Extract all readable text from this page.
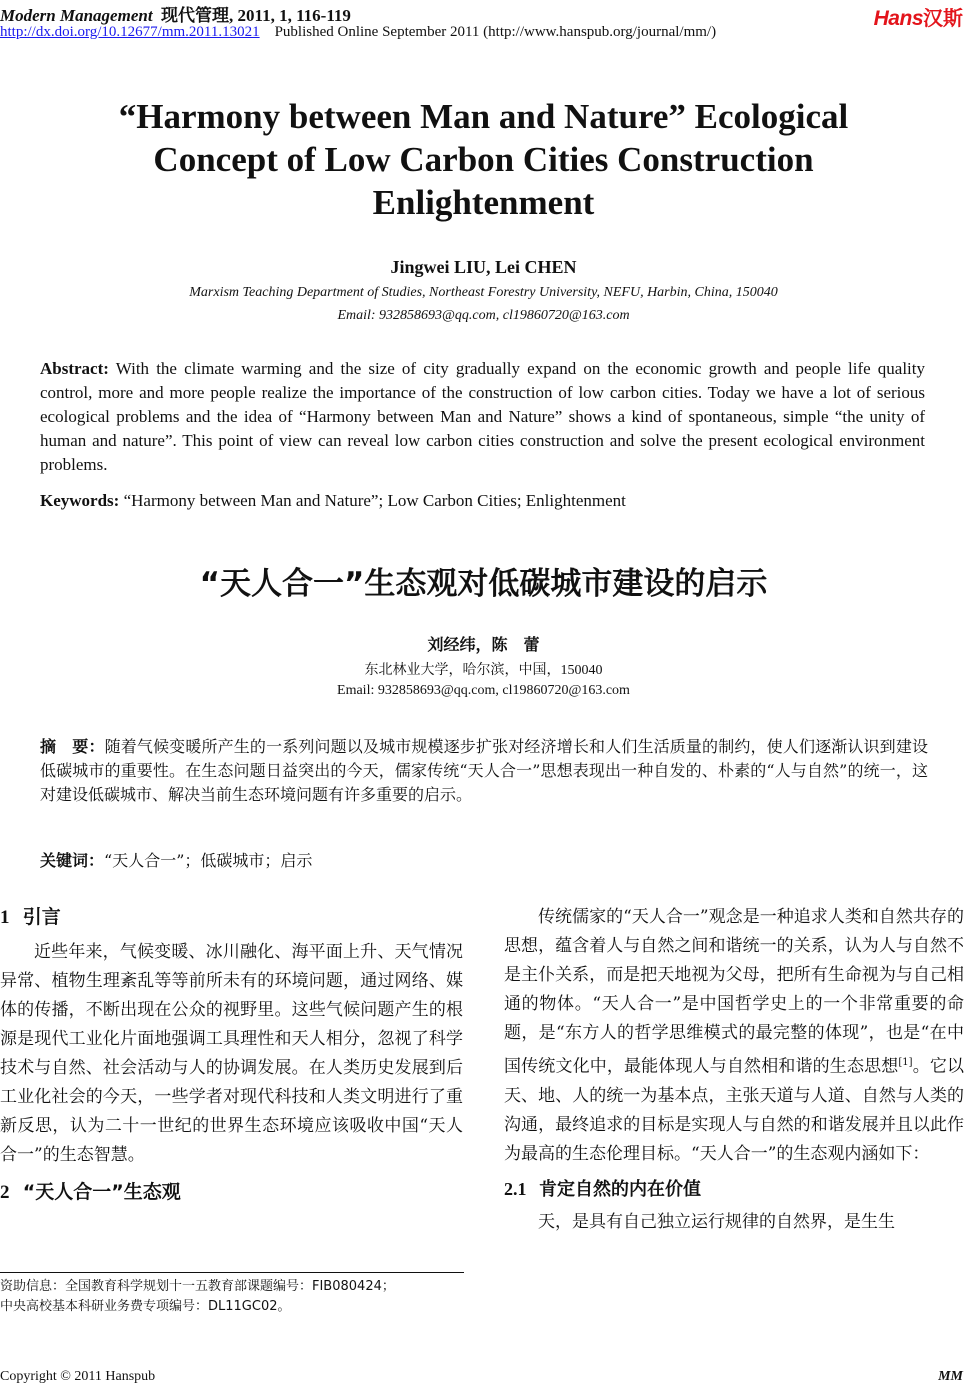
Modern Management 现代管理, 2011, 1, 116-119
http://dx.doi.org/10.12677/mm.2011.13021 Published Online September 2011 (http://www.hanspub.org/journal/mm/)
Hans汉斯
“Harmony between Man and Nature” Ecological Concept of Low Carbon Cities Construction Enlightenment
Jingwei LIU, Lei CHEN
Marxism Teaching Department of Studies, Northeast Forestry University, NEFU, Harbin, China, 150040
Email: 932858693@qq.com, cl19860720@163.com
Abstract: With the climate warming and the size of city gradually expand on the economic growth and people life quality control, more and more people realize the importance of the construction of low carbon cities. Today we have a lot of serious ecological problems and the idea of “Harmony between Man and Nature” shows a kind of spontaneous, simple “the unity of human and nature”. This point of view can reveal low carbon cities construction and solve the present ecological environment problems.
Keywords: “Harmony between Man and Nature”; Low Carbon Cities; Enlightenment
“天人合一”生态观对低碳城市建设的启示
刘经纬，陈　蕾
东北林业大学，哈尔滨，中国，150040
Email: 932858693@qq.com, cl19860720@163.com
摘　要：随着气候变暖所产生的一系列问题以及城市规模逐步扩张对经济增长和人们生活质量的制约，使人们逐渐认识到建设低碳城市的重要性。在生态问题日益突出的今天，儒家传统“天人合一”思想表现出一种自发的、朴素的“人与自然”的统一，这对建设低碳城市、解决当前生态环境问题有许多重要的启示。
关键词：“天人合一”；低碳城市；启示
1 引言
近些年来，气候变暖、冰川融化、海平面上升、天气情况异常、植物生理紊乱等等前所未有的环境问题，通过网络、媒体的传播，不断出现在公众的视野里。这些气候问题产生的根源是现代工业化片面地强调工具理性和天人相分，忽视了科学技术与自然、社会活动与人的协调发展。在人类历史发展到后工业化社会的今天，一些学者对现代科技和人类文明进行了重新反思，认为二十一世纪的世界生态环境应该吸收中国“天人合一”的生态智慧。
2 “天人合一”生态观
传统儒家的“天人合一”观念是一种追求人类和自然共存的思想，蕴含着人与自然之间和谐统一的关系，认为人与自然不是主仆关系，而是把天地视为父母，把所有生命视为与自己相通的物体。“天人合一”是中国哲学史上的一个非常重要的命题，是“东方人的哲学思维模式的最完整的体现”，也是“在中国传统文化中，最能体现人与自然相和谐的生态思想[1]。它以天、地、人的统一为基本点，主张天道与人道、自然与人类的沟通，最终追求的目标是实现人与自然的和谐发展并且以此作为最高的生态伦理目标。“天人合一”的生态观内涵如下：
2.1 肯定自然的内在价值
天，是具有自己独立运行规律的自然界，是生生
资助信息：全国教育科学规划十一五教育部课题编号：FIB080424；
中央高校基本科研业务费专项编号：DL11GC02。
Copyright © 2011 Hanspub	MM
